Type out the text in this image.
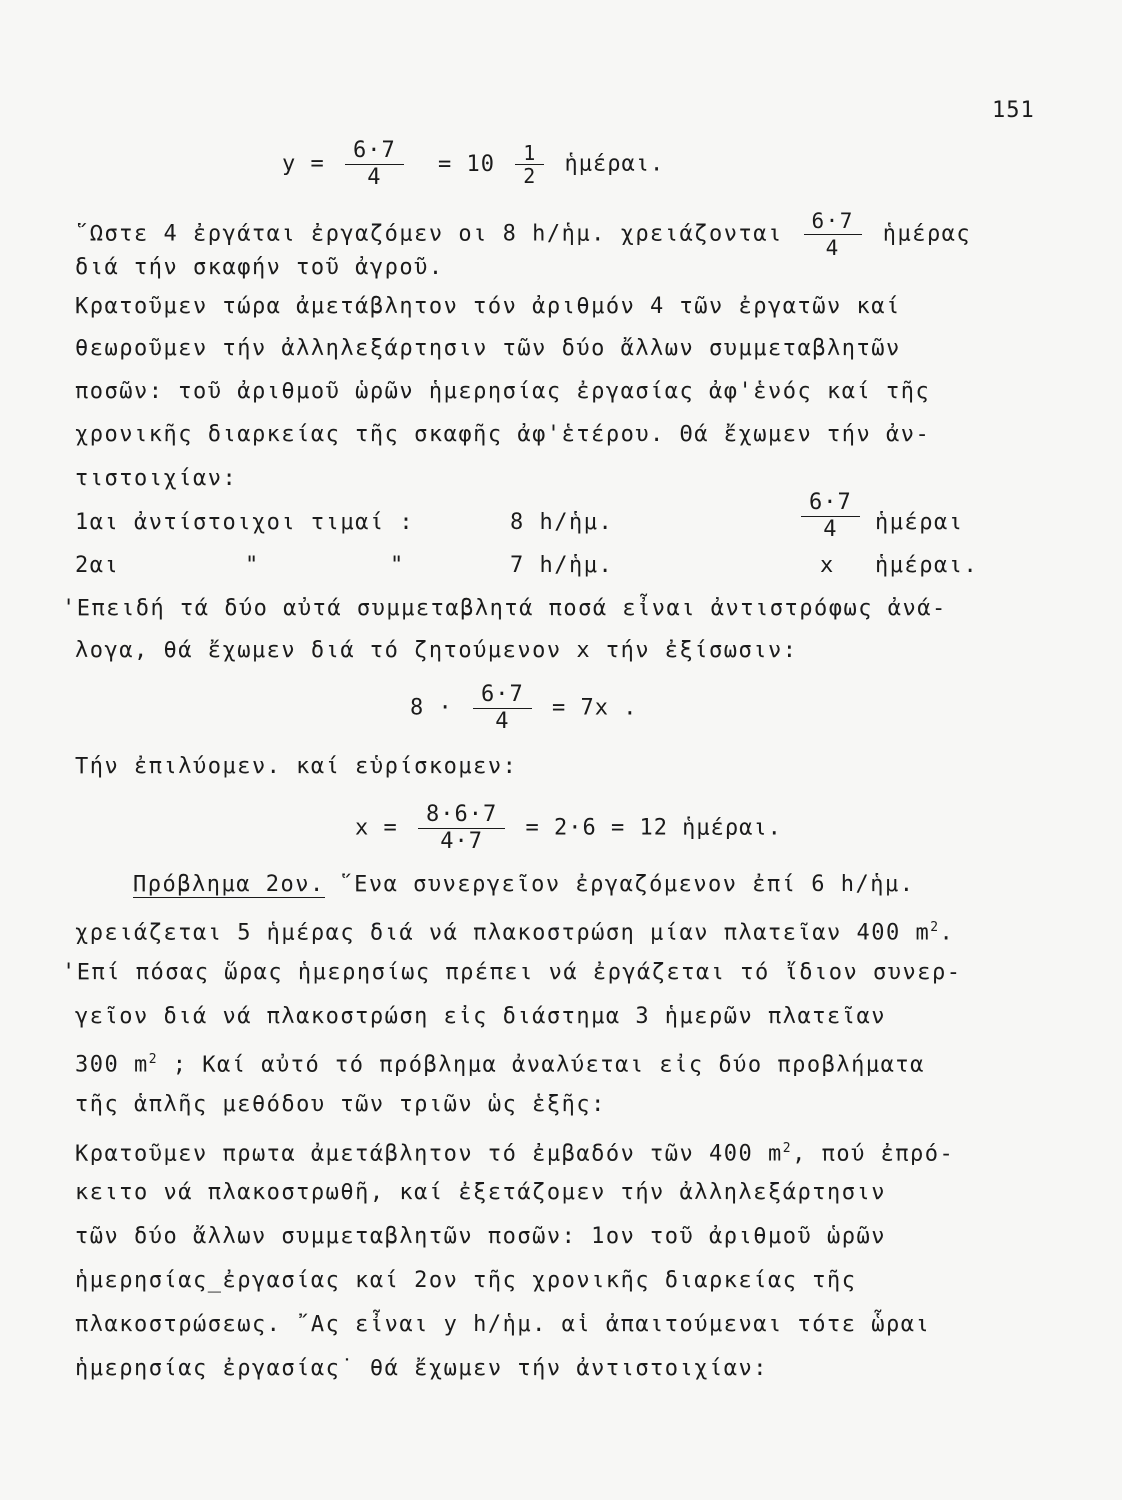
151
$y = \frac{6\cdot 7}{4} = 10 \frac{1}{2}$ ἡμέραι.
῞Ωστε 4 ἐργάται ἐργαζόμεν οι 8 h/ἡμ. χρειάζονται $\frac{6\cdot 7}{4}$ ἡμέρας
διά τήν σκαφήν τοῦ ἀγροῦ.
Κρατοῦμεν τώρα ἀμετάβλητον τόν ἀριθμόν 4 τῶν ἐργατῶν καί
θεωροῦμεν τήν ἀλληλεξάρτησιν τῶν δύο ἄλλων συμμεταβλητῶν
ποσῶν: τοῦ ἀριθμοῦ ὡρῶν ἡμερησίας ἐργασίας ἀφ'ἑνός καί τῆς
χρονικῆς διαρκείας τῆς σκαφῆς ἀφ'ἑτέρου. Θά ἔχωμεν τήν ἀν-
τιστοιχίαν:
1αι ἀντίστοιχοι τιμαί :	8 h/ἡμ.	$\frac{6\cdot 7}{4}$ ἡμέραι
2αι	"	"	7 h/ἡμ.	x ἡμέραι.
'Επειδή τά δύο αὐτά συμμεταβλητά ποσά εἶναι ἀντιστρόφως ἀνά-
λογα, θά ἔχωμεν διά τό ζητούμενον x τήν ἐξίσωσιν:
$8 \cdot \frac{6\cdot 7}{4} = 7x$ .
Τήν ἐπιλύομεν. καί εὑρίσκομεν:
$x = \frac{8\cdot 6\cdot 7}{4\cdot 7} = 2\cdot 6 = 12$ ἡμέραι.
Πρόβλημα 2ον. ῞Ενα συνεργεῖον ἐργαζόμενον ἐπί 6 h/ἡμ.
χρειάζεται 5 ἡμέρας διά νά πλακοστρώση μίαν πλατεῖαν 400 $m^2$.
'Επί πόσας ὥρας ἡμερησίως πρέπει νά ἐργάζεται τό ἴδιον συνερ-
γεῖον διά νά πλακοστρώση εἰς διάστημα 3 ἡμερῶν πλατεῖαν
300 $m^2$ ; Καί αὐτό τό πρόβλημα ἀναλύεται εἰς δύο προβλήματα
τῆς ἁπλῆς μεθόδου τῶν τριῶν ὡς ἑξῆς:
Κρατοῦμεν πρωτα ἀμετάβλητον τό ἐμβαδόν τῶν 400 $m^2$, πού ἐπρό-
κειτο νά πλακοστρωθῆ, καί ἐξετάζομεν τήν ἀλληλεξάρτησιν
τῶν δύο ἄλλων συμμεταβλητῶν ποσῶν: 1ον τοῦ ἀριθμοῦ ὡρῶν
ἡμερησίας_ἐργασίας καί 2ον τῆς χρονικῆς διαρκείας τῆς
πλακοστρώσεως. ῎Ας εἶναι y h/ἡμ. αἱ ἀπαιτούμεναι τότε ὧραι
ἡμερησίας ἐργασίας˙ θά ἔχωμεν τήν ἀντιστοιχίαν:
